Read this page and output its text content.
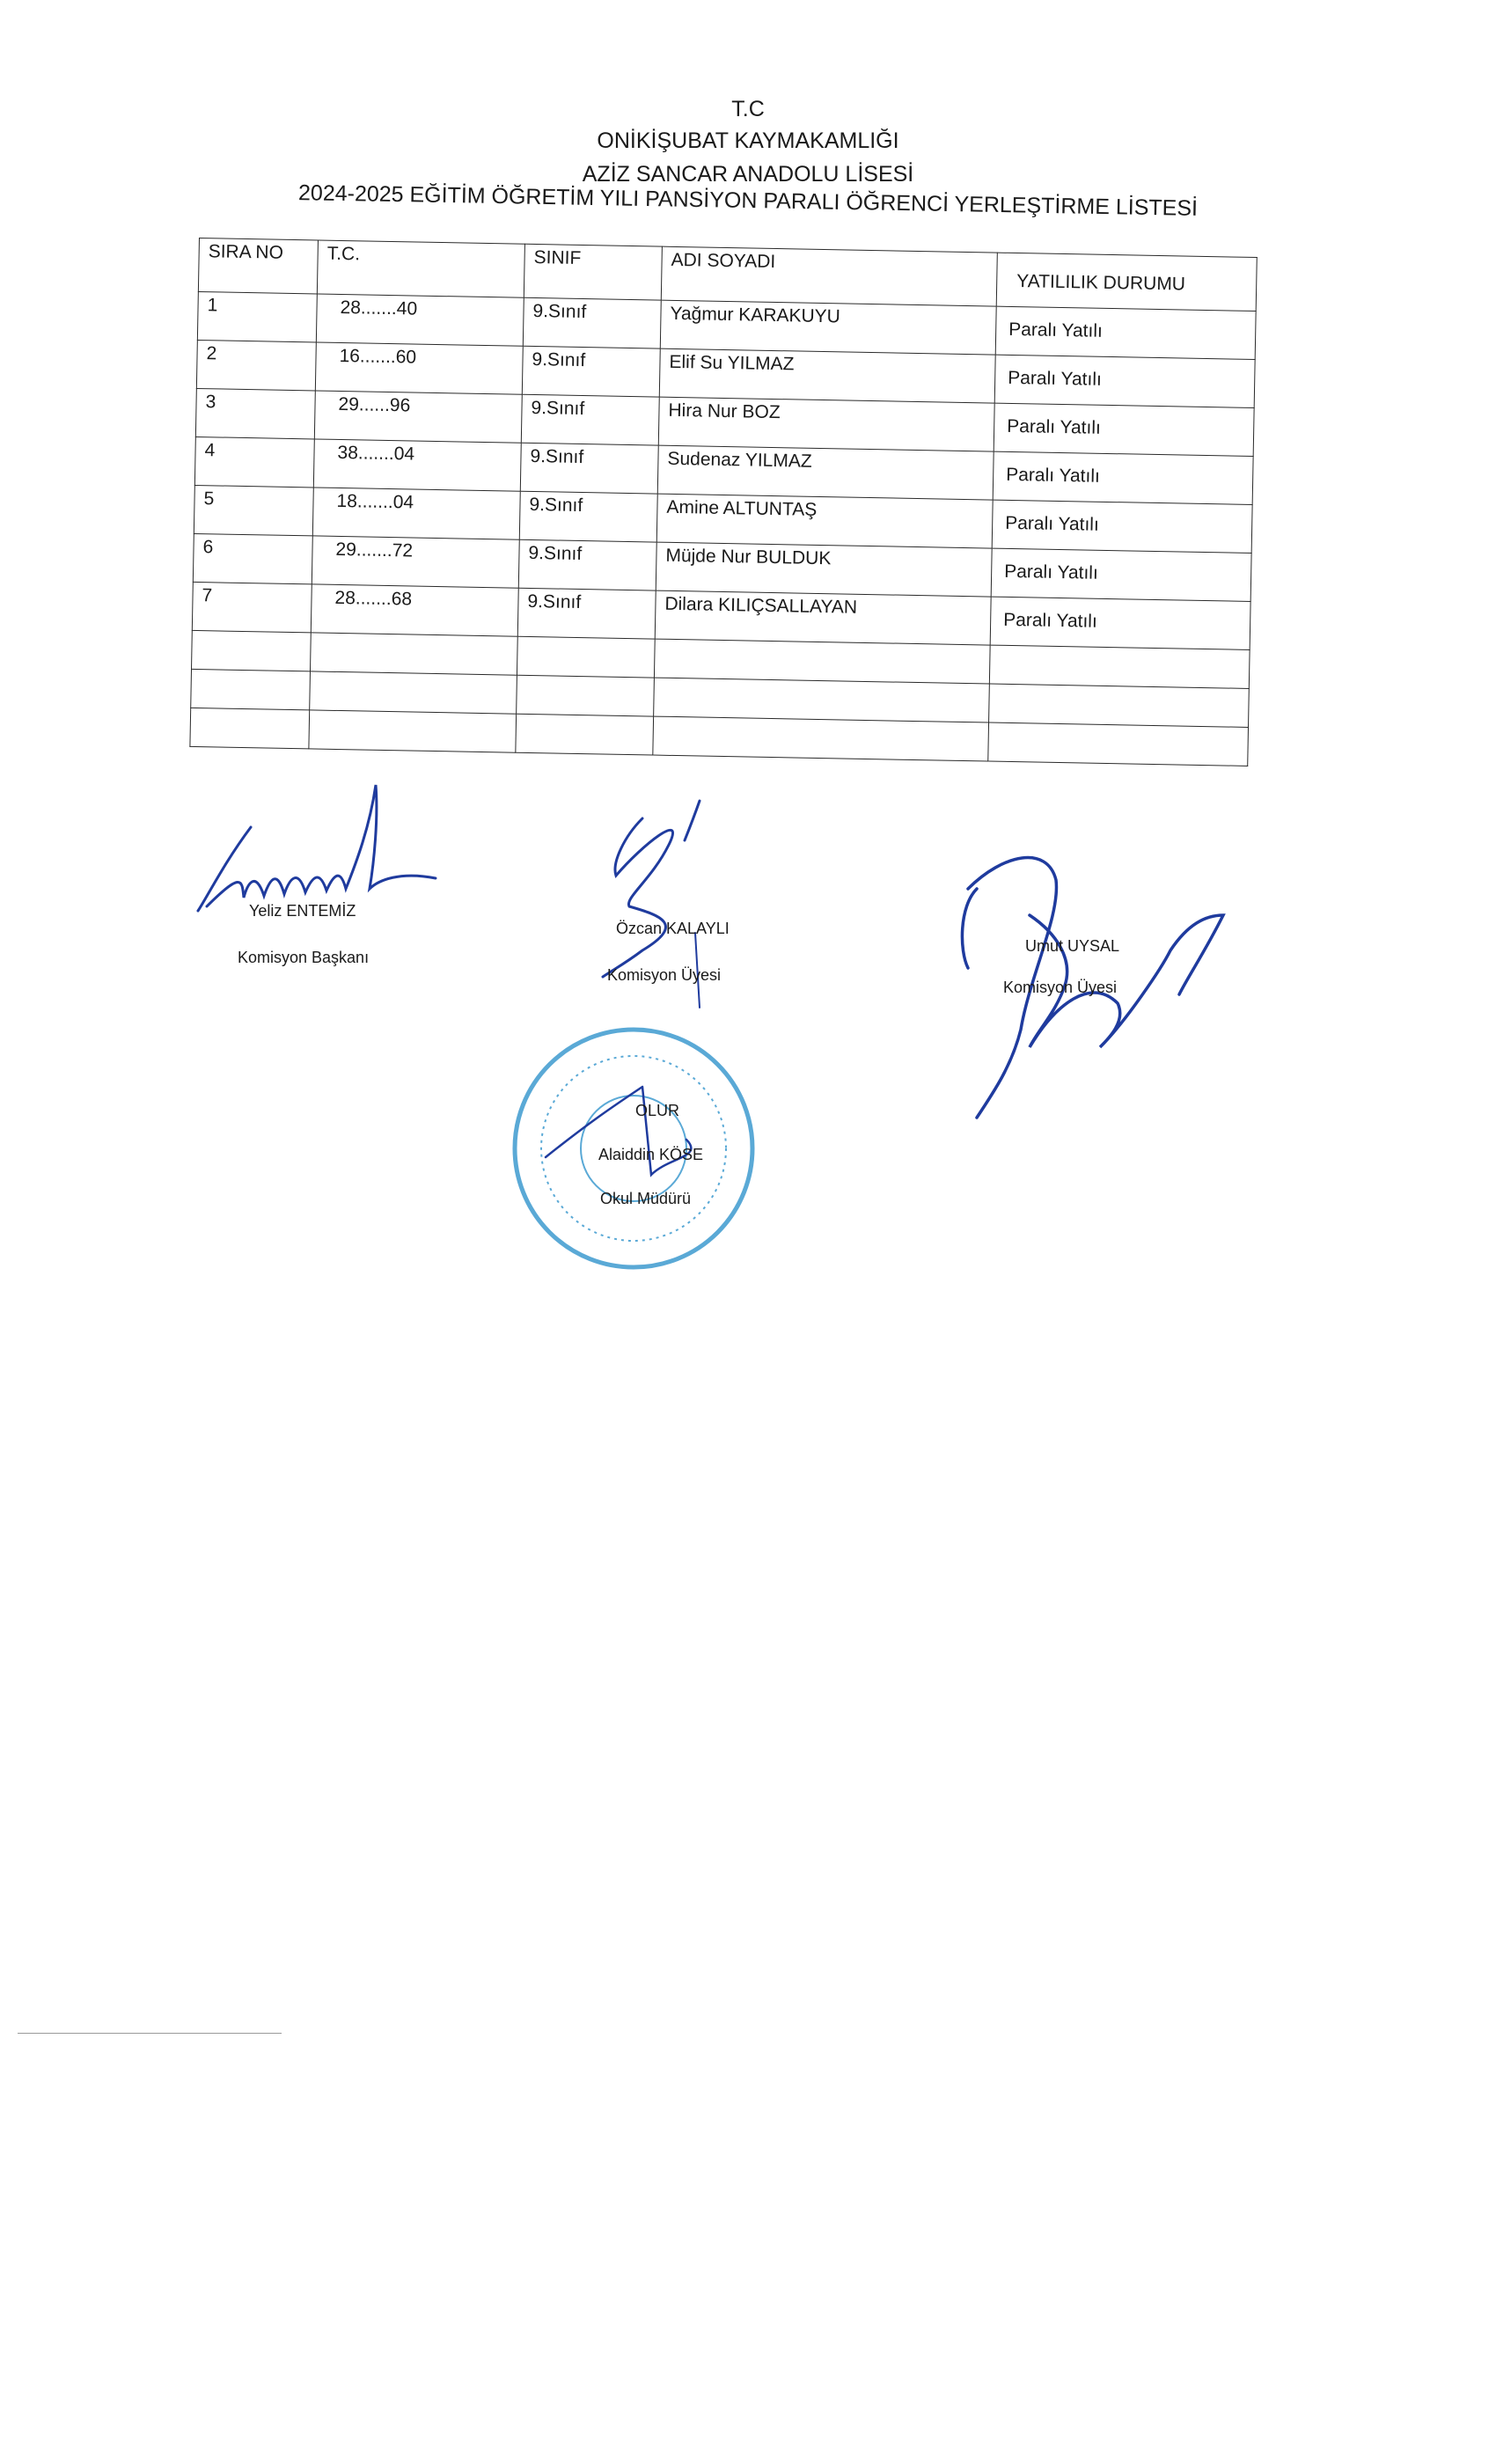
T.C
ONİKİŞUBAT KAYMAKAMLIĞI
AZİZ SANCAR ANADOLU LİSESİ
2024-2025 EĞİTİM ÖĞRETİM YILI PANSİYON PARALI ÖĞRENCİ YERLEŞTİRME LİSTESİ
SIRA NO	T.C.	SINIF	ADI SOYADI	YATILILIK DURUMU
1	28.......40	9.Sınıf	Yağmur KARAKUYU	Paralı Yatılı
2	16.......60	9.Sınıf	Elif Su YILMAZ	Paralı Yatılı
3	29......96	9.Sınıf	Hira Nur BOZ	Paralı Yatılı
4	38.......04	9.Sınıf	Sudenaz YILMAZ	Paralı Yatılı
5	18.......04	9.Sınıf	Amine ALTUNTAŞ	Paralı Yatılı
6	29.......72	9.Sınıf	Müjde Nur BULDUK	Paralı Yatılı
7	28.......68	9.Sınıf	Dilara KILIÇSALLAYAN	Paralı Yatılı

Yeliz ENTEMİZ
Komisyon Başkanı
Özcan KALAYLI
Komisyon Üyesi
Umut UYSAL
Komisyon Üyesi
OLUR
Alaiddin KÖSE
Okul Müdürü
